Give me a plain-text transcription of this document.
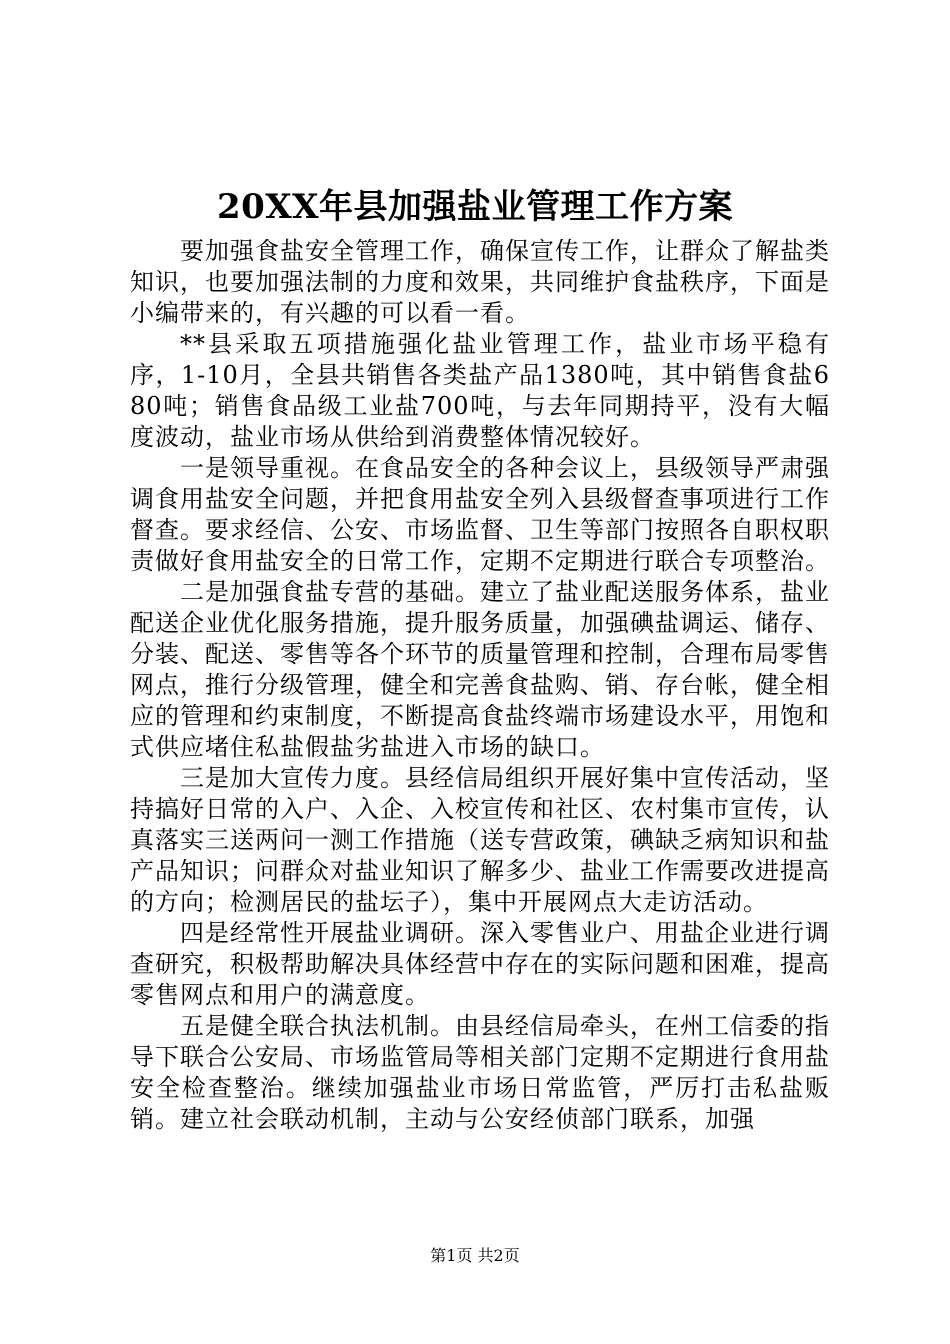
20XX年县加强盐业管理工作方案

要加强食盐安全管理工作，确保宣传工作，让群众了解盐类知识，也要加强法制的力度和效果，共同维护食盐秩序，下面是小编带来的，有兴趣的可以看一看。

**县采取五项措施强化盐业管理工作，盐业市场平稳有序，1-10月，全县共销售各类盐产品1380吨，其中销售食盐680吨；销售食品级工业盐700吨，与去年同期持平，没有大幅度波动，盐业市场从供给到消费整体情况较好。

一是领导重视。在食品安全的各种会议上，县级领导严肃强调食用盐安全问题，并把食用盐安全列入县级督查事项进行工作督查。要求经信、公安、市场监督、卫生等部门按照各自职权职责做好食用盐安全的日常工作，定期不定期进行联合专项整治。

二是加强食盐专营的基础。建立了盐业配送服务体系，盐业配送企业优化服务措施，提升服务质量，加强碘盐调运、储存、分装、配送、零售等各个环节的质量管理和控制，合理布局零售网点，推行分级管理，健全和完善食盐购、销、存台帐，健全相应的管理和约束制度，不断提高食盐终端市场建设水平，用饱和式供应堵住私盐假盐劣盐进入市场的缺口。

三是加大宣传力度。县经信局组织开展好集中宣传活动，坚持搞好日常的入户、入企、入校宣传和社区、农村集市宣传，认真落实三送两问一测工作措施（送专营政策，碘缺乏病知识和盐产品知识；问群众对盐业知识了解多少、盐业工作需要改进提高的方向；检测居民的盐坛子），集中开展网点大走访活动。

四是经常性开展盐业调研。深入零售业户、用盐企业进行调查研究，积极帮助解决具体经营中存在的实际问题和困难，提高零售网点和用户的满意度。

五是健全联合执法机制。由县经信局牵头，在州工信委的指导下联合公安局、市场监管局等相关部门定期不定期进行食用盐安全检查整治。继续加强盐业市场日常监管，严厉打击私盐贩销。建立社会联动机制，主动与公安经侦部门联系，加强

第1页 共2页
